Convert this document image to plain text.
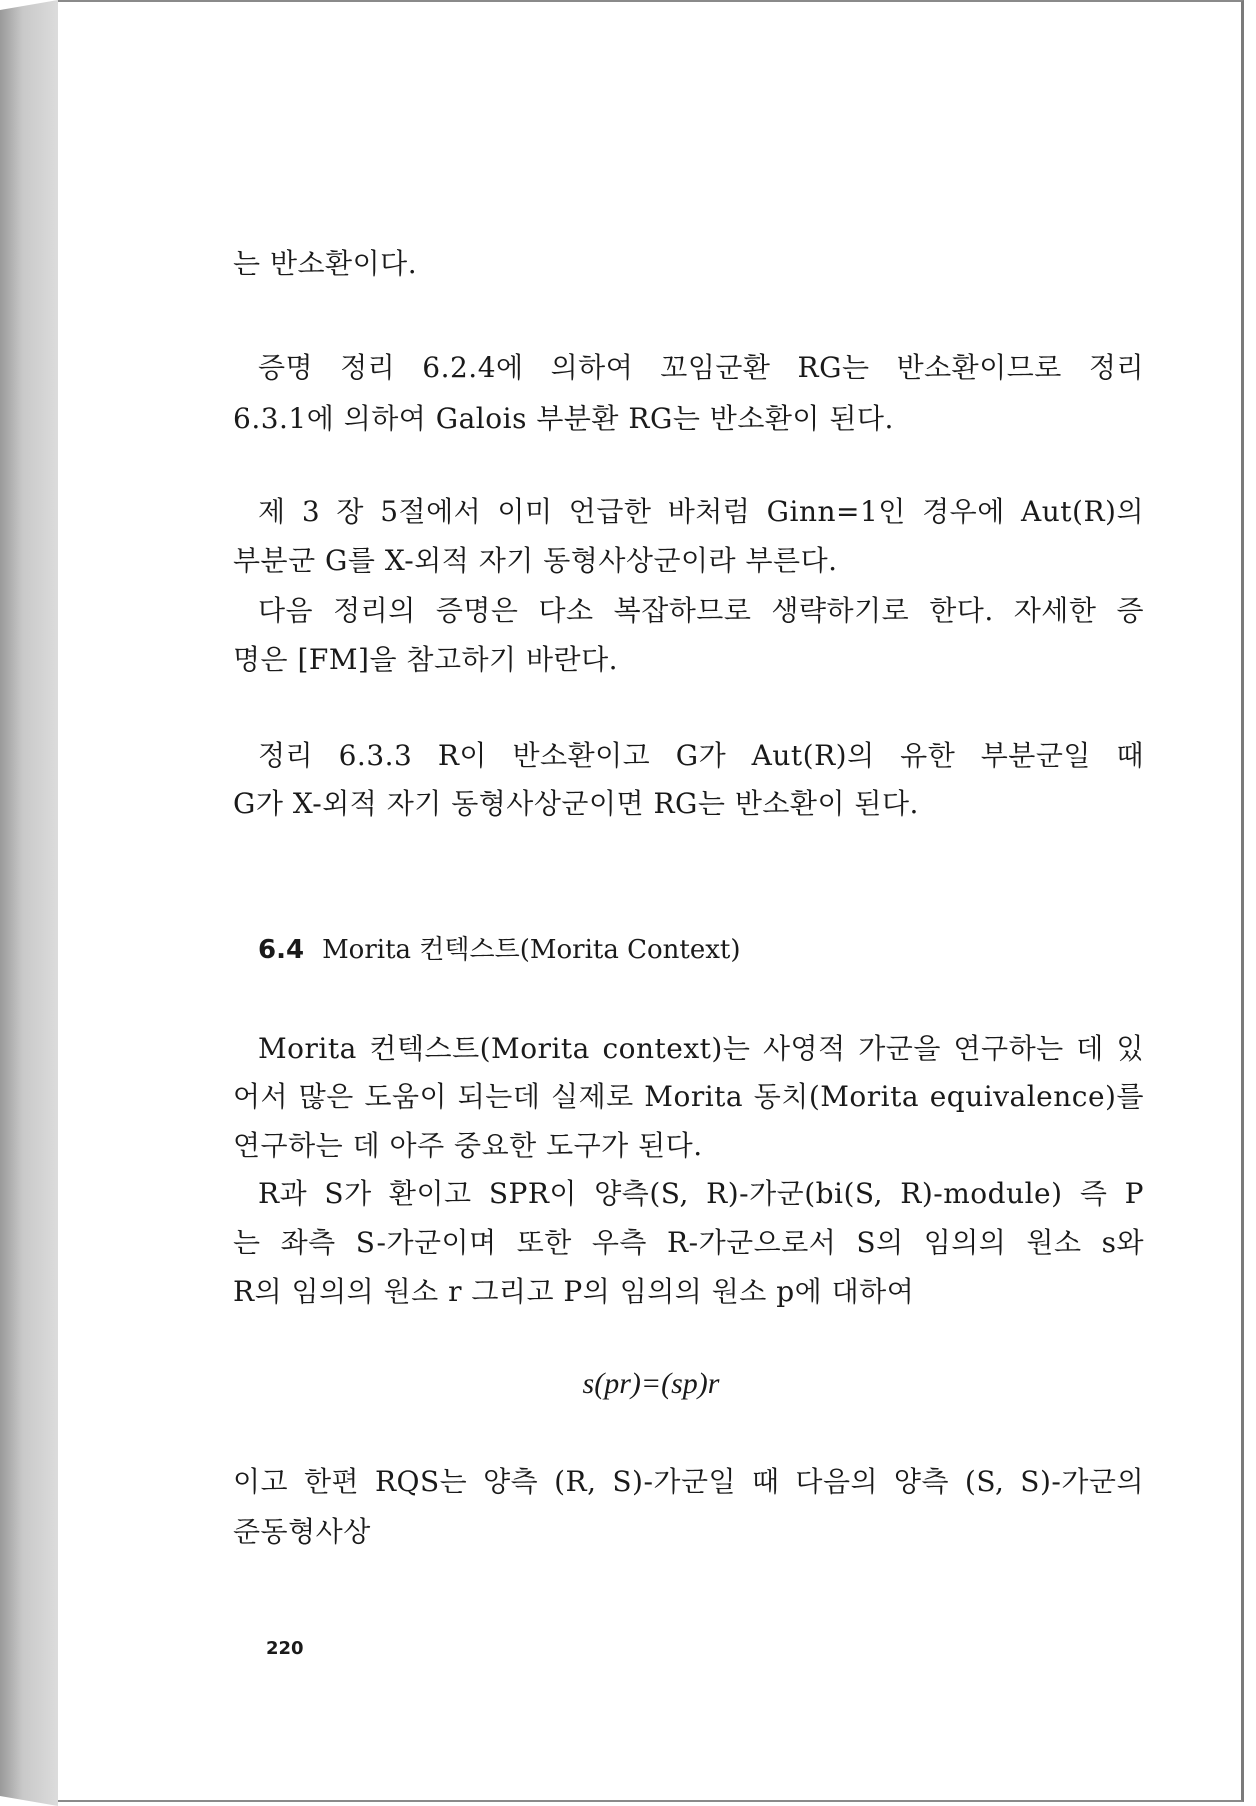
는 반소환이다.
증명 정리 6.2.4에 의하여 꼬임군환 RG는 반소환이므로 정리
6.3.1에 의하여 Galois 부분환 RG는 반소환이 된다.
제 3 장 5절에서 이미 언급한 바처럼 Ginn=1인 경우에 Aut(R)의
부분군 G를 X-외적 자기 동형사상군이라 부른다.
다음 정리의 증명은 다소 복잡하므로 생략하기로 한다. 자세한 증
명은 [FM]을 참고하기 바란다.
정리 6.3.3 R이 반소환이고 G가 Aut(R)의 유한 부분군일 때
G가 X-외적 자기 동형사상군이면 RG는 반소환이 된다.
6.4 Morita 컨텍스트(Morita Context)
Morita 컨텍스트(Morita context)는 사영적 가군을 연구하는 데 있
어서 많은 도움이 되는데 실제로 Morita 동치(Morita equivalence)를
연구하는 데 아주 중요한 도구가 된다.
R과 S가 환이고 SPR이 양측(S, R)-가군(bi(S, R)-module) 즉 P
는 좌측 S-가군이며 또한 우측 R-가군으로서 S의 임의의 원소 s와
R의 임의의 원소 r 그리고 P의 임의의 원소 p에 대하여
s(pr)=(sp)r
이고 한편 RQS는 양측 (R, S)-가군일 때 다음의 양측 (S, S)-가군의
준동형사상
220
